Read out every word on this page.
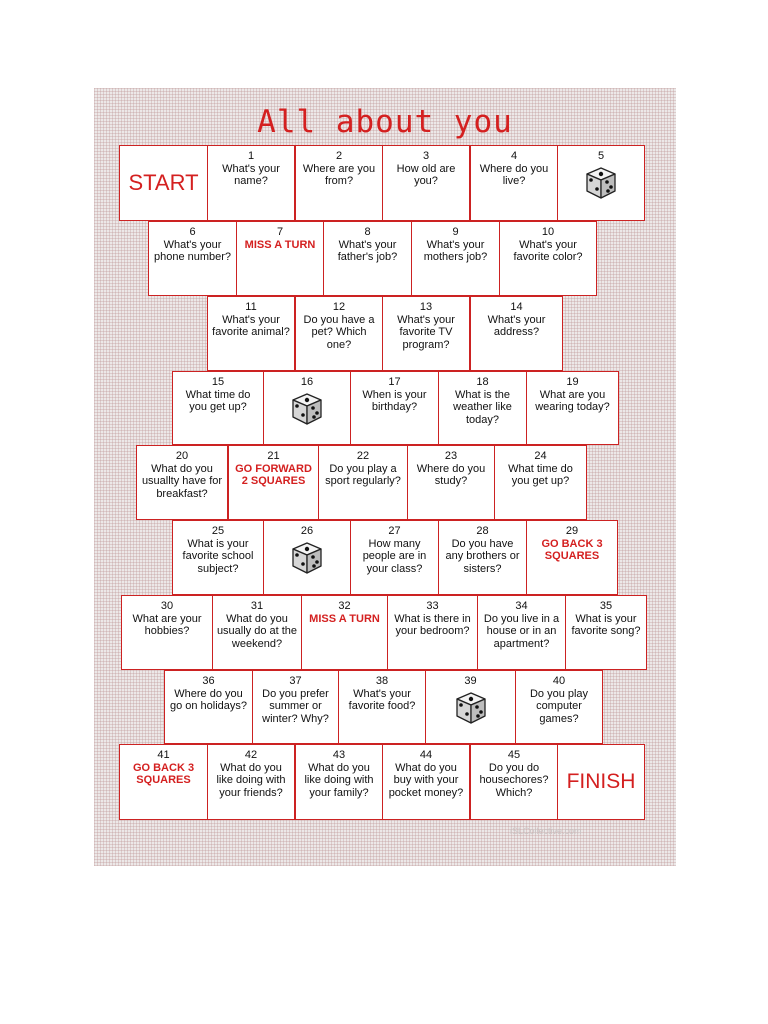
All about you
START
1
What's your name?
2
Where are you from?
3
How old are you?
4
Where do you live?
5
6
What's your phone number?
7
MISS A TURN
8
What's your father's job?
9
What's your mothers job?
10
What's your favorite color?
11
What's your favorite animal?
12
Do you have a pet? Which one?
13
What's your favorite TV program?
14
What's your address?
15
What time do you get up?
16	17
When is your birthday?
18
What is the weather like today?
19
What are you wearing today?
20
What do you usuallty have for breakfast?
21
GO FORWARD 2 SQUARES
22
Do you play a sport regularly?
23
Where do you study?
24
What time do you get up?
25
What is your favorite school subject?
26	27
How many people are in your class?
28
Do you have any brothers or sisters?
29
GO BACK 3 SQUARES
30
What are your hobbies?
31
What do you usually do at the weekend?
32
MISS A TURN
33
What is there in your bedroom?
34
Do you live in a house or in an apartment?
35
What is your favorite song?
36
Where do you go on holidays?
37
Do you prefer summer or winter? Why?
38
What's your favorite food?
39	40
Do you play computer games?
41
GO BACK 3 SQUARES
42
What do you like doing with your friends?
43
What do you like doing with your family?
44
What do you buy with your pocket money?
45
Do you do housechores? Which?	FINISH

iSLCollective.com
